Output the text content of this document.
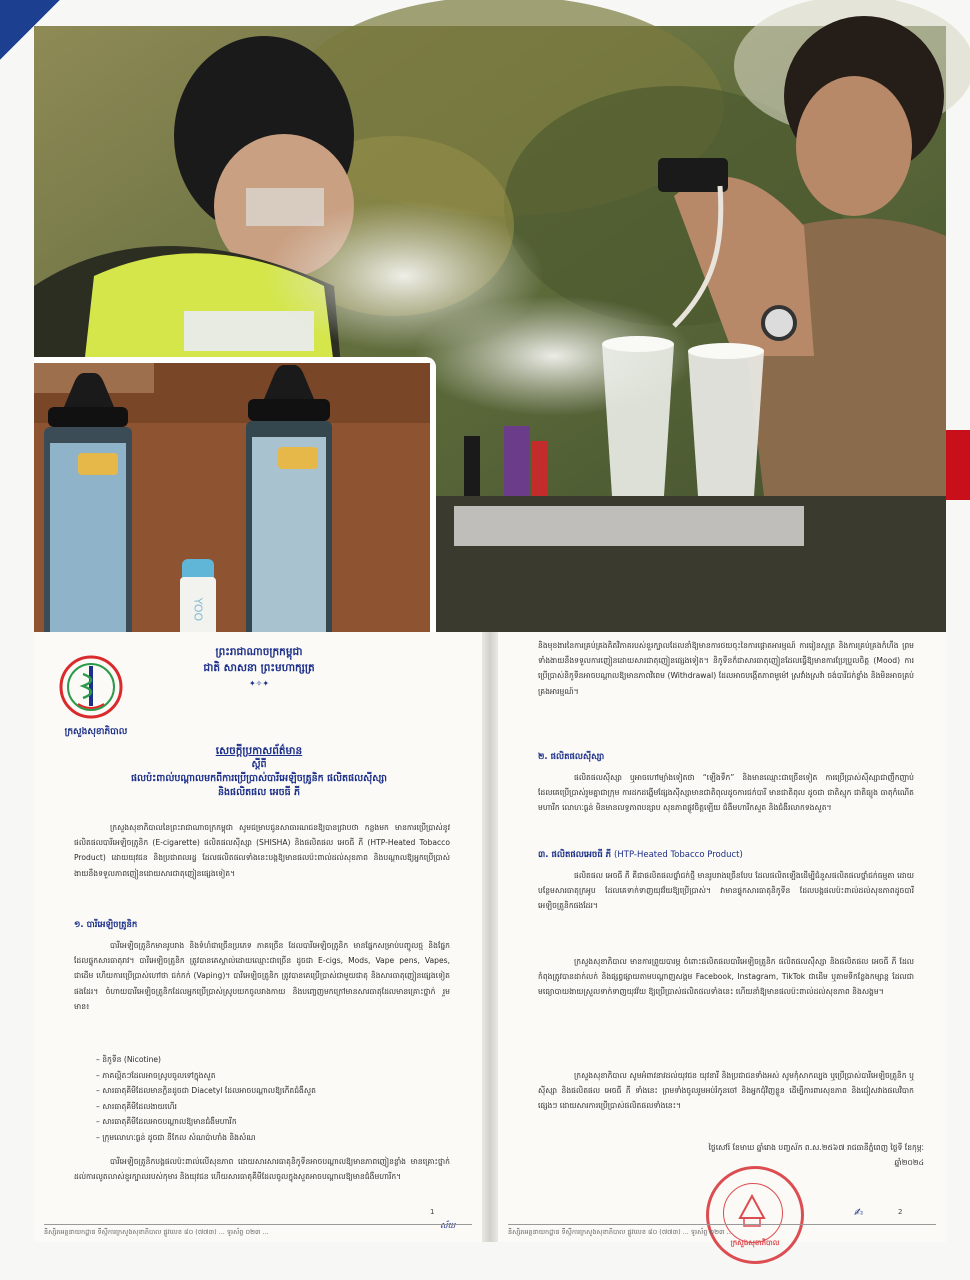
YOO
ក្រសួងសុខាភិបាល
ព្រះរាជាណាចក្រកម្ពុជា
ជាតិ សាសនា ព្រះមហាក្សត្រ
✦✧✦
សេចក្តីប្រកាសព័ត៌មាន
ស្តីពី
ផលប៉ះពាល់បណ្តាលមកពីការប្រើប្រាស់បារីអេឡិចត្រូនិក ផលិតផលស៊ីស្សា
និងផលិតផល អេចធី ភី
ក្រសួងសុខាភិបាលនៃព្រះរាជាណាចក្រកម្ពុជា សូមជម្រាបជូនសាធារណជនឱ្យបានជ្រាបថា កន្លងមក មានការប្រើប្រាស់នូវផលិតផលបារីអេឡិចត្រូនិក (E-cigarette) ផលិតផលស៊ីស្សា (SHISHA) និងផលិតផល អេចធី ភី (HTP-Heated Tobacco Product) ដោយយុវជន និងប្រជាពលរដ្ឋ ដែលផលិតផលទាំងនេះបង្កឱ្យមានផលប៉ះពាល់ដល់សុខភាព និងបណ្តាលឱ្យអ្នកប្រើប្រាស់ងាយនឹងទទួលភាពញៀនដោយសារជាតុញៀនផ្សេងទៀត។
១. បារីអេឡិចត្រូនិក
បារីអេឡិចត្រូនិកមានរូបរាង និងទំហំជាច្រើនប្រភេទ ភាគច្រើន ដែលបារីអេឡិចត្រូនិក មានផ្នែកសម្រាប់បញ្ចូលថ្ម និងផ្នែកដែលផ្ទុកសារធាតុរាវ។ បារីអេឡិចត្រូនិក ត្រូវបានគេស្គាល់ដោយឈ្មោះជាច្រើន ដូចជា E-cigs, Mods, Vape pens, Vapes, ជាដើម ហើយការប្រើប្រាស់ហៅថា ជក់កក់ (Vaping)។ បារីអេឡិចត្រូនិក ត្រូវបានគេប្រើប្រាស់ជាមួយជាតុ និងសារធាតុញៀនផ្សេងទៀតផងដែរ។ ចំហាយបារីអេឡិចត្រូនិកដែលអ្នកប្រើប្រាស់ស្រូបយកចូលរាងកាយ និងបញ្ចេញមកក្រៅមានសារធាតុដែលមានគ្រោះថ្នាក់ រួមមាន៖
– និកូទីន (Nicotine)
– ភាគល្អិតៗដែលអាចស្រូបចូលទៅក្នុងសួត
– សារធាតុគីមីដែលមានក្លិនដូចជា Diacetyl ដែលអាចបណ្តាលឱ្យកើតជំងឺសួត
– សារធាតុគីមីដែលងាយហើរ
– សារធាតុគីមីដែលអាចបណ្តាលឱ្យមានជំងឺមហារីក
– ក្រុមលោហៈធ្ងន់ ដូចជា នីកែល សំណប៉ាហាំង និងសំណ
បារីអេឡិចត្រូនិកបង្កផលប៉ះពាល់លើសុខភាព ដោយសារសារធាតុនិកូទីនអាចបណ្តាលឱ្យមានភាពញៀនខ្លាំង មានគ្រោះថ្នាក់ដល់ការលូតលាស់ខួរក្បាលរបស់កុមារ និងយុវជន ហើយសារធាតុគីមីដែលចូលក្នុងសួតអាចបណ្តាលឱ្យមានជំងឺមហារីក។
ស័យ
1
និស្សិតអគ្គនាយកដ្ឋាន ទីស្តីការក្រសួងសុខាភិបាល ផ្លូវលេខ ៨០ (៧៧៣) ... ទូរស័ព្ទ ០២៣ ...
និងមុខងារនៃការគ្រប់គ្រងគិតវិភាគរបស់ខួរក្បាលដែលនាំឱ្យមានការថយចុះនៃការផ្តោតអារម្មណ៍ ការរៀនសូត្រ និងការគ្រប់គ្រងកំហឹង ព្រមទាំងងាយនឹងទទួលការញៀនដោយសារជាតុញៀនផ្សេងទៀត។ និកូទីនក៏ជាសារធាតុញៀនដែលធ្វើឱ្យមានការប្រែប្រួលចិត្ត (Mood) ការប្រើប្រាស់និកូទីនអាចបណ្តាលឱ្យមានភាពវិពេម (Withdrawal) ដែលអាចបង្កើតភាពមួម៉ៅ ស្រវាំងស្រវ៉ា ចង់បារីជក់ខ្លាំង និងមិនអាចគ្រប់គ្រងអារម្មណ៍។
២. ផលិតផលស៊ីស្សា
ផលិតផលស៊ីស្សា ឬអាចហៅម្យ៉ាងទៀតថា “ឡើងទឹក” និងមានឈ្មោះជាច្រើនទៀត ការប្រើប្រាស់ស៊ីស្សាជាញឹកញាប់ ដែលគេប្រើប្រាស់រួមគ្នាជាក្រុម ការដកដង្ហើមផ្សែងស៊ីស្សាមានជាតិពុលដូចការជក់បារី មានជាតិពុល ដូចជា ជាតិស្មុក ជាតិធ្យូង ធាតុកំណើតមហារីក លោហៈធ្ងន់ មិនមានលទ្ធភាពបន្សាប សុខភាពផ្លូវចិត្តឡើយ ជំងឺមហារីកសួត និងជំងឺរលាកទងសួត។
៣. ផលិតផលអេចធី ភី (HTP-Heated Tobacco Product)
ផលិតផល អេចធី ភី គឺជាផលិតផលថ្នាំជក់ថ្មី មានរូបរាងច្រើនបែប ដែលផលិតឡើងដើម្បីជំនួសផលិតផលថ្នាំជក់ធម្មតា ដោយបន្ថែមសារធាតុក្រអូប ដែលគេទាក់ទាញយុវវ័យឱ្យប្រើប្រាស់។ វាមានផ្ទុកសារធាតុនិកូទីន ដែលបង្កផលប៉ះពាល់ដល់សុខភាពដូចបារីអេឡិចត្រូនិកផងដែរ។
ក្រសួងសុខាភិបាល មានការព្រួយបារម្ភ ចំពោះផលិតផលបារីអេឡិចត្រូនិក ផលិតផលស៊ីស្សា និងផលិតផល អេចធី ភី ដែលកំពុងត្រូវបានដាក់លក់ និងផ្សព្វផ្សាយតាមបណ្តាញសង្គម Facebook, Instagram, TikTok ជាដើម ឬតាមទីកន្លែងកម្សាន្ត ដែលជាមធ្យោបាយងាយស្រួលទាក់ទាញយុវវ័យ ឱ្យប្រើប្រាស់ផលិតផលទាំងនេះ ហើយនាំឱ្យមានផលប៉ះពាល់ដល់សុខភាព និងសង្គម។
ក្រសួងសុខាភិបាល សូមអំពាវនាវដល់យុវជន យុវនារី និងប្រជាជនទាំងអស់ សូមកុំសាកល្បង ឬប្រើប្រាស់បារីអេឡិចត្រូនិក ឬ ស៊ីស្សា និងផលិតផល អេចធី ភី ទាំងនេះ ព្រមទាំងចូលរួមអប់រំកូនចៅ និងអ្នកជុំវិញខ្លួន ដើម្បីការពារសុខភាព និងជៀសវាងផលវិបាកផ្សេងៗ ដោយសារការប្រើប្រាស់ផលិតផលទាំងនេះ។
ថ្ងៃសៅរ៍ ខែមាឃ ឆ្នាំរោង បញ្ចស័ក ព.ស.២៥៦៧ រាជធានីភ្នំពេញ ថ្ងៃទី ខែកុម្ភៈ ឆ្នាំ២០២៤
ក្រសួងសុខាភិបាល
✍	2
និស្សិតអគ្គនាយកដ្ឋាន ទីស្តីការក្រសួងសុខាភិបាល ផ្លូវលេខ ៨០ (៧៧៣) ... ទូរស័ព្ទ ០២៣ ...
